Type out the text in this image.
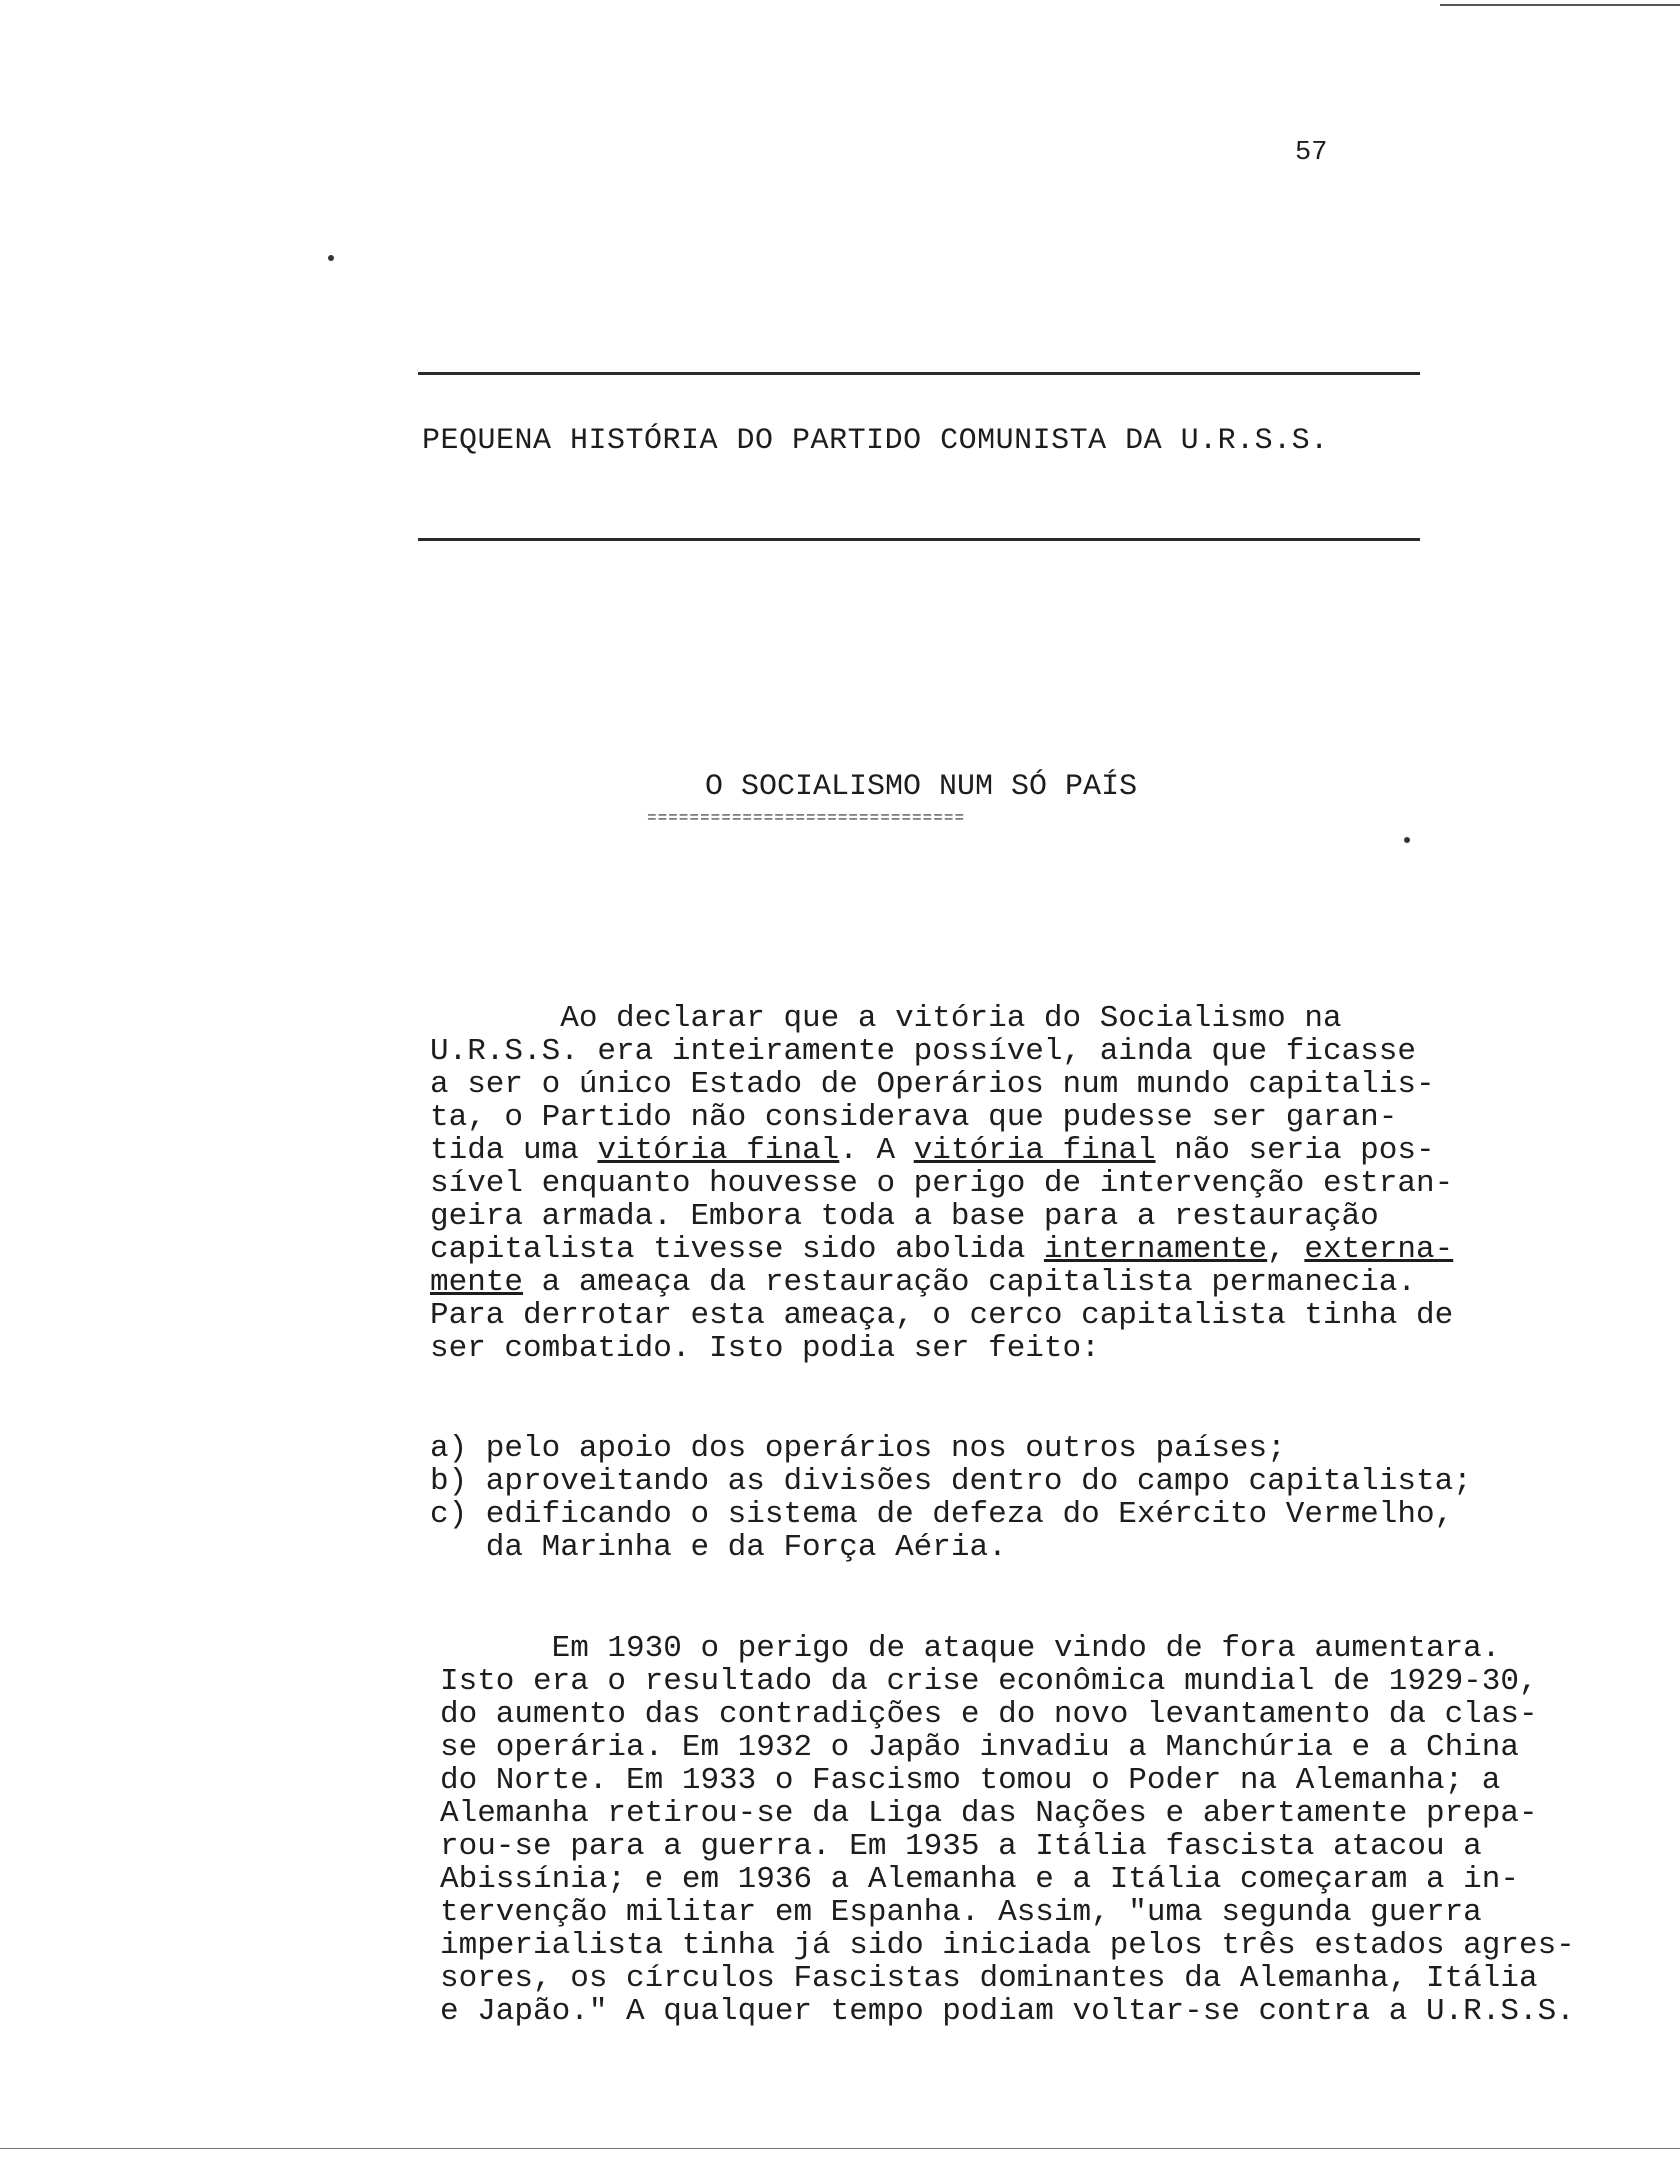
57
PEQUENA HISTÓRIA DO PARTIDO COMUNISTA DA U.R.S.S.
O SOCIALISMO NUM SÓ PAÍS
==============================

Ao declarar que a vitória do Socialismo na
U.R.S.S. era inteiramente possível, ainda que ficasse
a ser o único Estado de Operários num mundo capitalis-
ta, o Partido não considerava que pudesse ser garan-
tida uma vitória final. A vitória final não seria pos-
sível enquanto houvesse o perigo de intervenção estran-
geira armada. Embora toda a base para a restauração
capitalista tivesse sido abolida internamente, externa-
mente a ameaça da restauração capitalista permanecia.
Para derrotar esta ameaça, o cerco capitalista tinha de
ser combatido. Isto podia ser feito:

a) pelo apoio dos operários nos outros países;
b) aproveitando as divisões dentro do campo capitalista;
c) edificando o sistema de defeza do Exército Vermelho,
da Marinha e da Força Aéria.

Em 1930 o perigo de ataque vindo de fora aumentara.
Isto era o resultado da crise econômica mundial de 1929-30,
do aumento das contradições e do novo levantamento da clas-
se operária. Em 1932 o Japão invadiu a Manchúria e a China
do Norte. Em 1933 o Fascismo tomou o Poder na Alemanha; a
Alemanha retirou-se da Liga das Nações e abertamente prepa-
rou-se para a guerra. Em 1935 a Itália fascista atacou a
Abissínia; e em 1936 a Alemanha e a Itália começaram a in-
tervenção militar em Espanha. Assim, "uma segunda guerra
imperialista tinha já sido iniciada pelos três estados agres-
sores, os círculos Fascistas dominantes da Alemanha, Itália
e Japão." A qualquer tempo podiam voltar-se contra a U.R.S.S.
